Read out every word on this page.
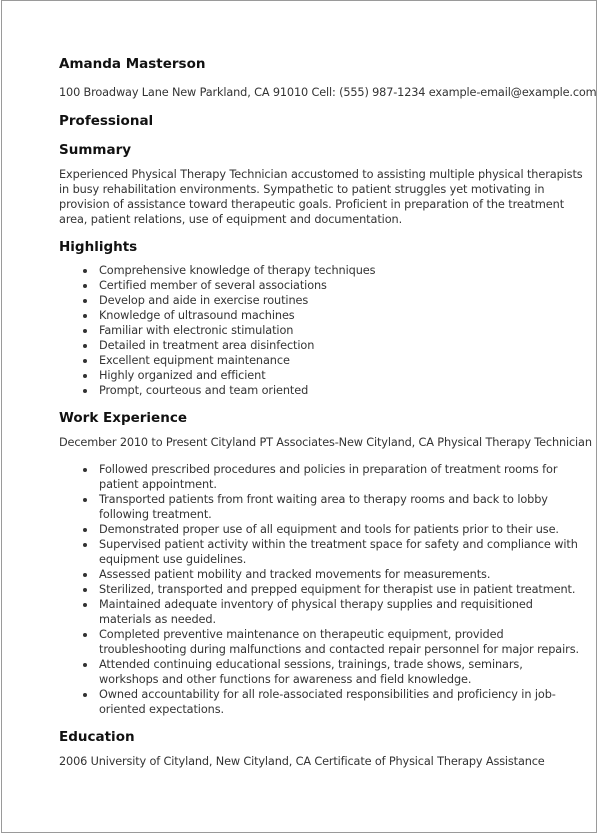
Amanda Masterson
100 Broadway Lane New Parkland, CA 91010 Cell: (555) 987-1234 example-email@example.com
Professional
Summary
Experienced Physical Therapy Technician accustomed to assisting multiple physical therapists in busy rehabilitation environments. Sympathetic to patient struggles yet motivating in provision of assistance toward therapeutic goals. Proficient in preparation of the treatment area, patient relations, use of equipment and documentation.
Highlights
Comprehensive knowledge of therapy techniques
Certified member of several associations
Develop and aide in exercise routines
Knowledge of ultrasound machines
Familiar with electronic stimulation
Detailed in treatment area disinfection
Excellent equipment maintenance
Highly organized and efficient
Prompt, courteous and team oriented
Work Experience
December 2010 to Present Cityland PT Associates-New Cityland, CA Physical Therapy Technician
Followed prescribed procedures and policies in preparation of treatment rooms for patient appointment.
Transported patients from front waiting area to therapy rooms and back to lobby following treatment.
Demonstrated proper use of all equipment and tools for patients prior to their use.
Supervised patient activity within the treatment space for safety and compliance with equipment use guidelines.
Assessed patient mobility and tracked movements for measurements.
Sterilized, transported and prepped equipment for therapist use in patient treatment.
Maintained adequate inventory of physical therapy supplies and requisitioned materials as needed.
Completed preventive maintenance on therapeutic equipment, provided troubleshooting during malfunctions and contacted repair personnel for major repairs.
Attended continuing educational sessions, trainings, trade shows, seminars, workshops and other functions for awareness and field knowledge.
Owned accountability for all role-associated responsibilities and proficiency in job-oriented expectations.
Education
2006 University of Cityland, New Cityland, CA Certificate of Physical Therapy Assistance
